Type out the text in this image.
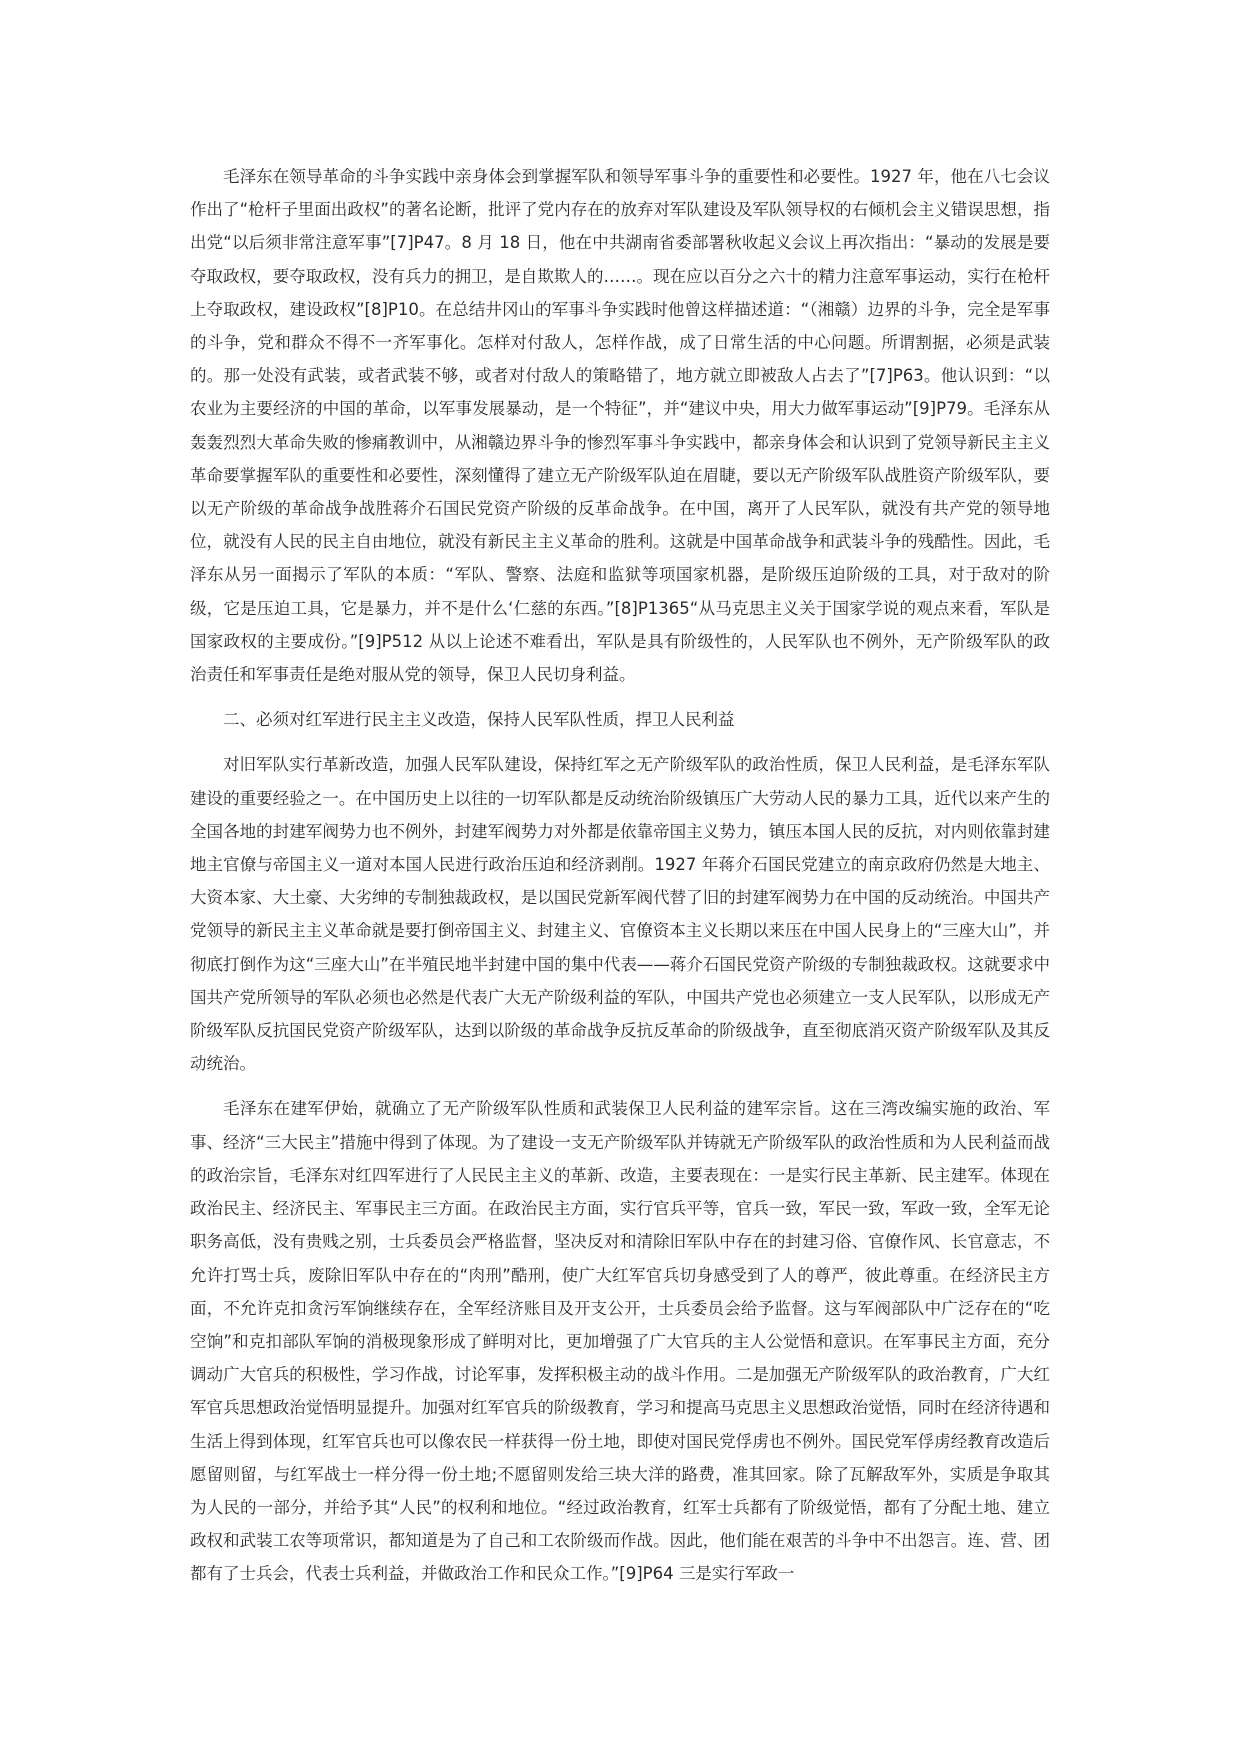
毛泽东在领导革命的斗争实践中亲身体会到掌握军队和领导军事斗争的重要性和必要性。1927 年，他在八七会议作出了“枪杆子里面出政权”的著名论断，批评了党内存在的放弃对军队建设及军队领导权的右倾机会主义错误思想，指出党“以后须非常注意军事”[7]P47。8 月 18 日，他在中共湖南省委部署秋收起义会议上再次指出：“暴动的发展是要夺取政权，要夺取政权，没有兵力的拥卫，是自欺欺人的……。现在应以百分之六十的精力注意军事运动，实行在枪杆上夺取政权，建设政权”[8]P10。在总结井冈山的军事斗争实践时他曾这样描述道：“（湘赣）边界的斗争，完全是军事的斗争，党和群众不得不一齐军事化。怎样对付敌人，怎样作战，成了日常生活的中心问题。所谓割据，必须是武装的。那一处没有武装，或者武装不够，或者对付敌人的策略错了，地方就立即被敌人占去了”[7]P63。他认识到：“以农业为主要经济的中国的革命，以军事发展暴动，是一个特征”，并“建议中央，用大力做军事运动”[9]P79。毛泽东从轰轰烈烈大革命失败的惨痛教训中，从湘赣边界斗争的惨烈军事斗争实践中，都亲身体会和认识到了党领导新民主主义革命要掌握军队的重要性和必要性，深刻懂得了建立无产阶级军队迫在眉睫，要以无产阶级军队战胜资产阶级军队，要以无产阶级的革命战争战胜蒋介石国民党资产阶级的反革命战争。在中国，离开了人民军队，就没有共产党的领导地位，就没有人民的民主自由地位，就没有新民主主义革命的胜利。这就是中国革命战争和武装斗争的残酷性。因此，毛泽东从另一面揭示了军队的本质：“军队、警察、法庭和监狱等项国家机器，是阶级压迫阶级的工具，对于敌对的阶级，它是压迫工具，它是暴力，并不是什么‘仁慈的东西。”[8]P1365“从马克思主义关于国家学说的观点来看，军队是国家政权的主要成份。”[9]P512 从以上论述不难看出，军队是具有阶级性的，人民军队也不例外，无产阶级军队的政治责任和军事责任是绝对服从党的领导，保卫人民切身利益。

二、必须对红军进行民主主义改造，保持人民军队性质，捍卫人民利益

对旧军队实行革新改造，加强人民军队建设，保持红军之无产阶级军队的政治性质，保卫人民利益，是毛泽东军队建设的重要经验之一。在中国历史上以往的一切军队都是反动统治阶级镇压广大劳动人民的暴力工具，近代以来产生的全国各地的封建军阀势力也不例外，封建军阀势力对外都是依靠帝国主义势力，镇压本国人民的反抗，对内则依靠封建地主官僚与帝国主义一道对本国人民进行政治压迫和经济剥削。1927 年蒋介石国民党建立的南京政府仍然是大地主、大资本家、大土豪、大劣绅的专制独裁政权，是以国民党新军阀代替了旧的封建军阀势力在中国的反动统治。中国共产党领导的新民主主义革命就是要打倒帝国主义、封建主义、官僚资本主义长期以来压在中国人民身上的“三座大山”，并彻底打倒作为这“三座大山”在半殖民地半封建中国的集中代表——蒋介石国民党资产阶级的专制独裁政权。这就要求中国共产党所领导的军队必须也必然是代表广大无产阶级利益的军队，中国共产党也必须建立一支人民军队，以形成无产阶级军队反抗国民党资产阶级军队，达到以阶级的革命战争反抗反革命的阶级战争，直至彻底消灭资产阶级军队及其反动统治。

毛泽东在建军伊始，就确立了无产阶级军队性质和武装保卫人民利益的建军宗旨。这在三湾改编实施的政治、军事、经济“三大民主”措施中得到了体现。为了建设一支无产阶级军队并铸就无产阶级军队的政治性质和为人民利益而战的政治宗旨，毛泽东对红四军进行了人民民主主义的革新、改造，主要表现在：一是实行民主革新、民主建军。体现在政治民主、经济民主、军事民主三方面。在政治民主方面，实行官兵平等，官兵一致，军民一致，军政一致，全军无论职务高低，没有贵贱之别，士兵委员会严格监督，坚决反对和清除旧军队中存在的封建习俗、官僚作风、长官意志，不允许打骂士兵，废除旧军队中存在的“肉刑”酷刑，使广大红军官兵切身感受到了人的尊严，彼此尊重。在经济民主方面，不允许克扣贪污军饷继续存在，全军经济账目及开支公开，士兵委员会给予监督。这与军阀部队中广泛存在的“吃空饷”和克扣部队军饷的消极现象形成了鲜明对比，更加增强了广大官兵的主人公觉悟和意识。在军事民主方面，充分调动广大官兵的积极性，学习作战，讨论军事，发挥积极主动的战斗作用。二是加强无产阶级军队的政治教育，广大红军官兵思想政治觉悟明显提升。加强对红军官兵的阶级教育，学习和提高马克思主义思想政治觉悟，同时在经济待遇和生活上得到体现，红军官兵也可以像农民一样获得一份土地，即使对国民党俘虏也不例外。国民党军俘虏经教育改造后愿留则留，与红军战士一样分得一份土地;不愿留则发给三块大洋的路费，准其回家。除了瓦解敌军外，实质是争取其为人民的一部分，并给予其“人民”的权利和地位。“经过政治教育，红军士兵都有了阶级觉悟，都有了分配土地、建立政权和武装工农等项常识，都知道是为了自己和工农阶级而作战。因此，他们能在艰苦的斗争中不出怨言。连、营、团都有了士兵会，代表士兵利益，并做政治工作和民众工作。”[9]P64 三是实行军政一
